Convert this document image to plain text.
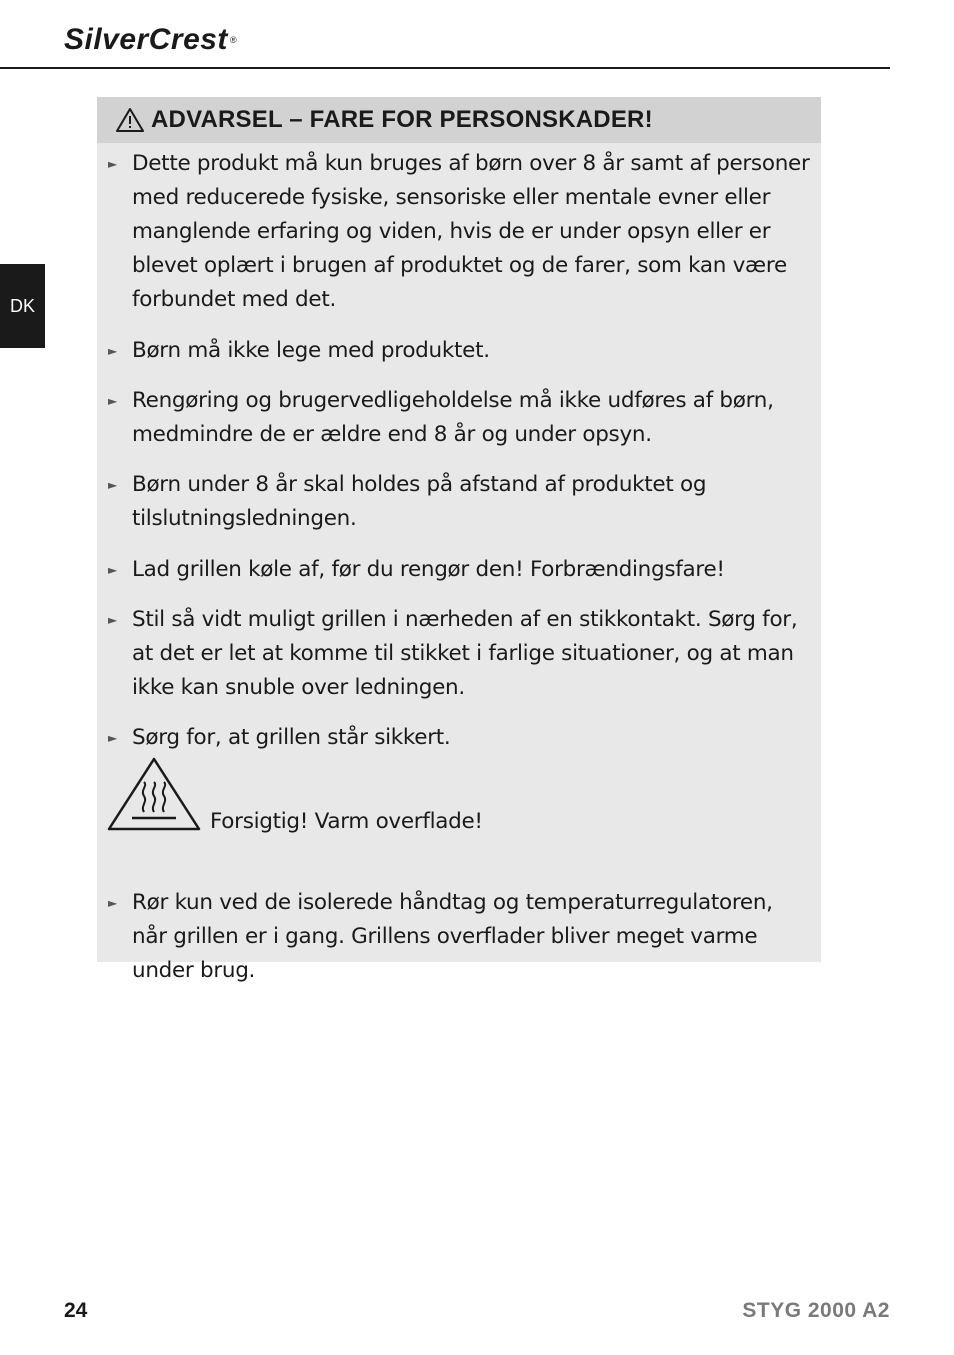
SilverCrest ®
DK
ADVARSEL – FARE FOR PERSONSKADER!
► Dette produkt må kun bruges af børn over 8 år samt af personer med reducerede fysiske, sensoriske eller mentale evner eller manglende erfaring og viden, hvis de er under opsyn eller er blevet oplært i brugen af produktet og de farer, som kan være forbundet med det.
► Børn må ikke lege med produktet.
► Rengøring og brugervedligeholdelse må ikke udføres af børn, medmindre de er ældre end 8 år og under opsyn.
► Børn under 8 år skal holdes på afstand af produktet og tilslutningsledningen.
► Lad grillen køle af, før du rengør den! Forbrændingsfare!
► Stil så vidt muligt grillen i nærheden af en stikkontakt. Sørg for, at det er let at komme til stikket i farlige situationer, og at man ikke kan snuble over ledningen.
► Sørg for, at grillen står sikkert.
Forsigtig! Varm overflade!
► Rør kun ved de isolerede håndtag og temperaturregulatoren, når grillen er i gang. Grillens overflader bliver meget varme under brug.
24	STYG 2000 A2
